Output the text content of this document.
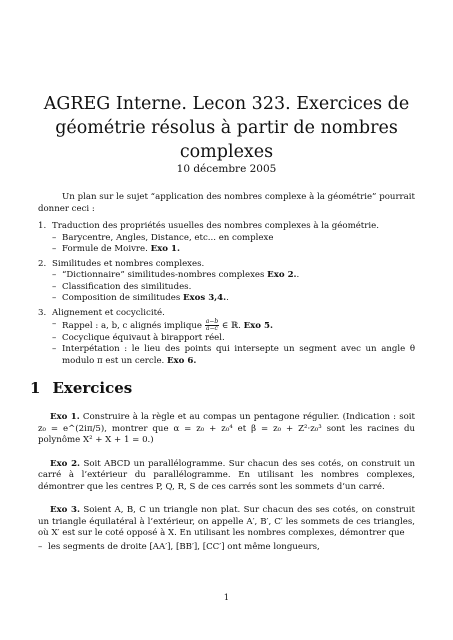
AGREG Interne. Lecon 323. Exercices de géométrie résolus à partir de nombres complexes
10 décembre 2005

Un plan sur le sujet “application des nombres complexe à la géométrie” pourrait donner ceci :

1. Traduction des propriétés usuelles des nombres complexes à la géométrie.
– Barycentre, Angles, Distance, etc... en complexe
– Formule de Moivre. Exo 1.
2. Similitudes et nombres complexes.
– “Dictionnaire” similitudes-nombres complexes Exo 2..
– Classification des similitudes.
– Composition de similitudes Exos 3,4..
3. Alignement et cocyclicité.
– Rappel : a, b, c alignés implique $\frac{a-b}{a-c}$ ∈ ℝ. Exo 5.
– Cocyclique équivaut à birapport réel.
– Interpétation : le lieu des points qui intersepte un segment avec un angle θ modulo π est un cercle. Exo 6.
1 Exercices

Exo 1. Construire à la règle et au compas un pentagone régulier. (Indication : soit z₀ = e^(2iπ/5), montrer que α = z₀ + z₀⁴ et β = z₀ + Z²·z₀³ sont les racines du polynôme X² + X + 1 = 0.)

Exo 2. Soit ABCD un parallélogramme. Sur chacun des ses cotés, on construit un carré à l’extérieur du parallélogramme. En utilisant les nombres complexes, démontrer que les centres P, Q, R, S de ces carrés sont les sommets d’un carré.

Exo 3. Soient A, B, C un triangle non plat. Sur chacun des ses cotés, on construit un triangle équilatéral à l’extérieur, on appelle A′, B′, C′ les sommets de ces triangles, où X′ est sur le coté opposé à X. En utilisant les nombres complexes, démontrer que

– les segments de droite [AA′], [BB′], [CC′] ont même longueurs,
1
